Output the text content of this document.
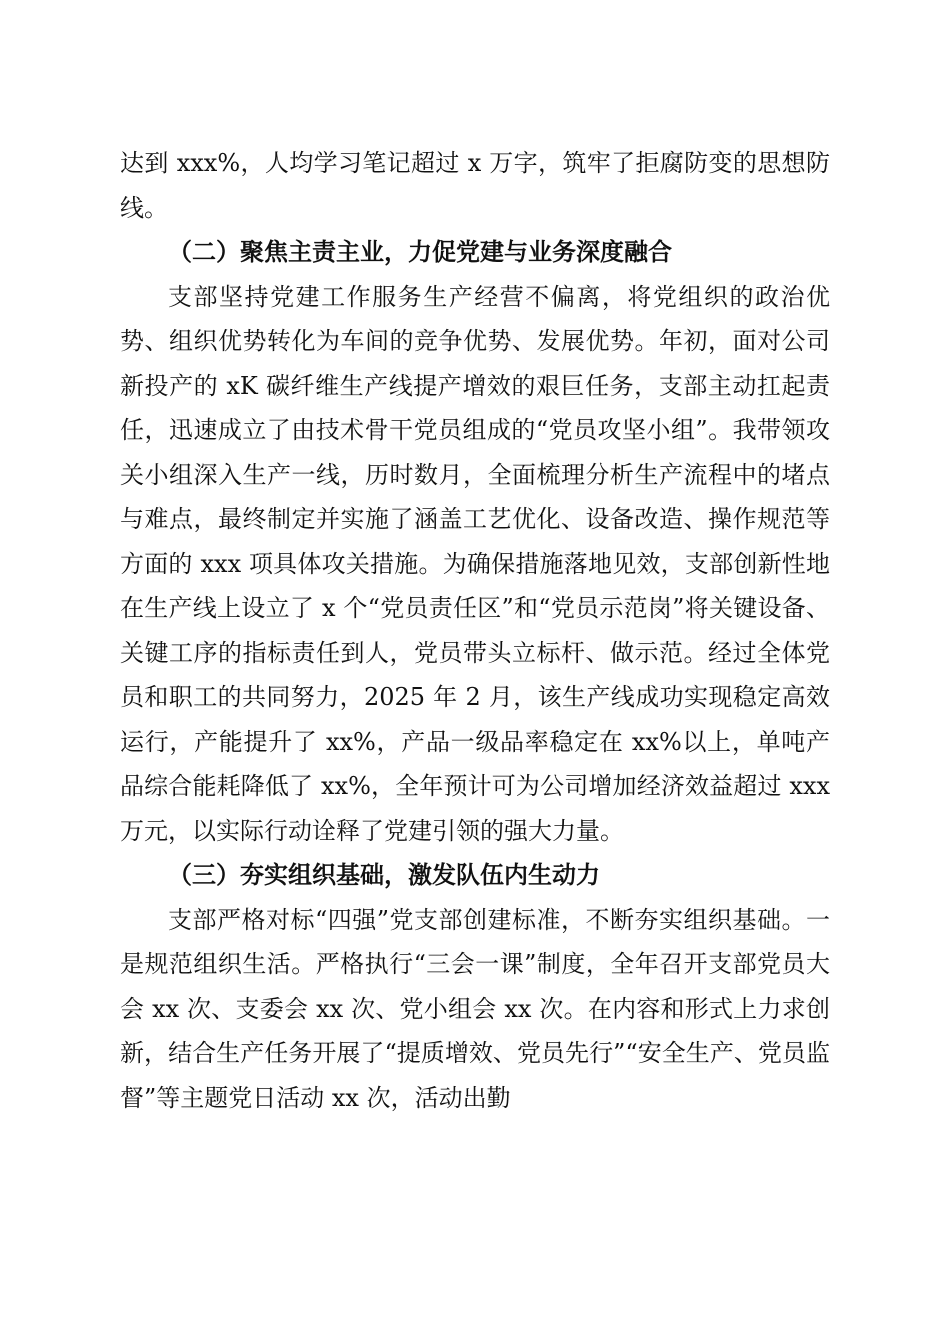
达到 xxx%，人均学习笔记超过 x 万字，筑牢了拒腐防变的思想防线。

（二）聚焦主责主业，力促党建与业务深度融合

支部坚持党建工作服务生产经营不偏离，将党组织的政治优势、组织优势转化为车间的竞争优势、发展优势。年初，面对公司新投产的 xK 碳纤维生产线提产增效的艰巨任务，支部主动扛起责任，迅速成立了由技术骨干党员组成的“党员攻坚小组”。我带领攻关小组深入生产一线，历时数月，全面梳理分析生产流程中的堵点与难点，最终制定并实施了涵盖工艺优化、设备改造、操作规范等方面的 xxx 项具体攻关措施。为确保措施落地见效，支部创新性地在生产线上设立了 x 个“党员责任区”和“党员示范岗”将关键设备、关键工序的指标责任到人，党员带头立标杆、做示范。经过全体党员和职工的共同努力，2025 年 2 月，该生产线成功实现稳定高效运行，产能提升了 xx%，产品一级品率稳定在 xx%以上，单吨产品综合能耗降低了 xx%，全年预计可为公司增加经济效益超过 xxx 万元，以实际行动诠释了党建引领的强大力量。

（三）夯实组织基础，激发队伍内生动力

支部严格对标“四强”党支部创建标准，不断夯实组织基础。一是规范组织生活。严格执行“三会一课”制度，全年召开支部党员大会 xx 次、支委会 xx 次、党小组会 xx 次。在内容和形式上力求创新，结合生产任务开展了“提质增效、党员先行”“安全生产、党员监督”等主题党日活动 xx 次，活动出勤
